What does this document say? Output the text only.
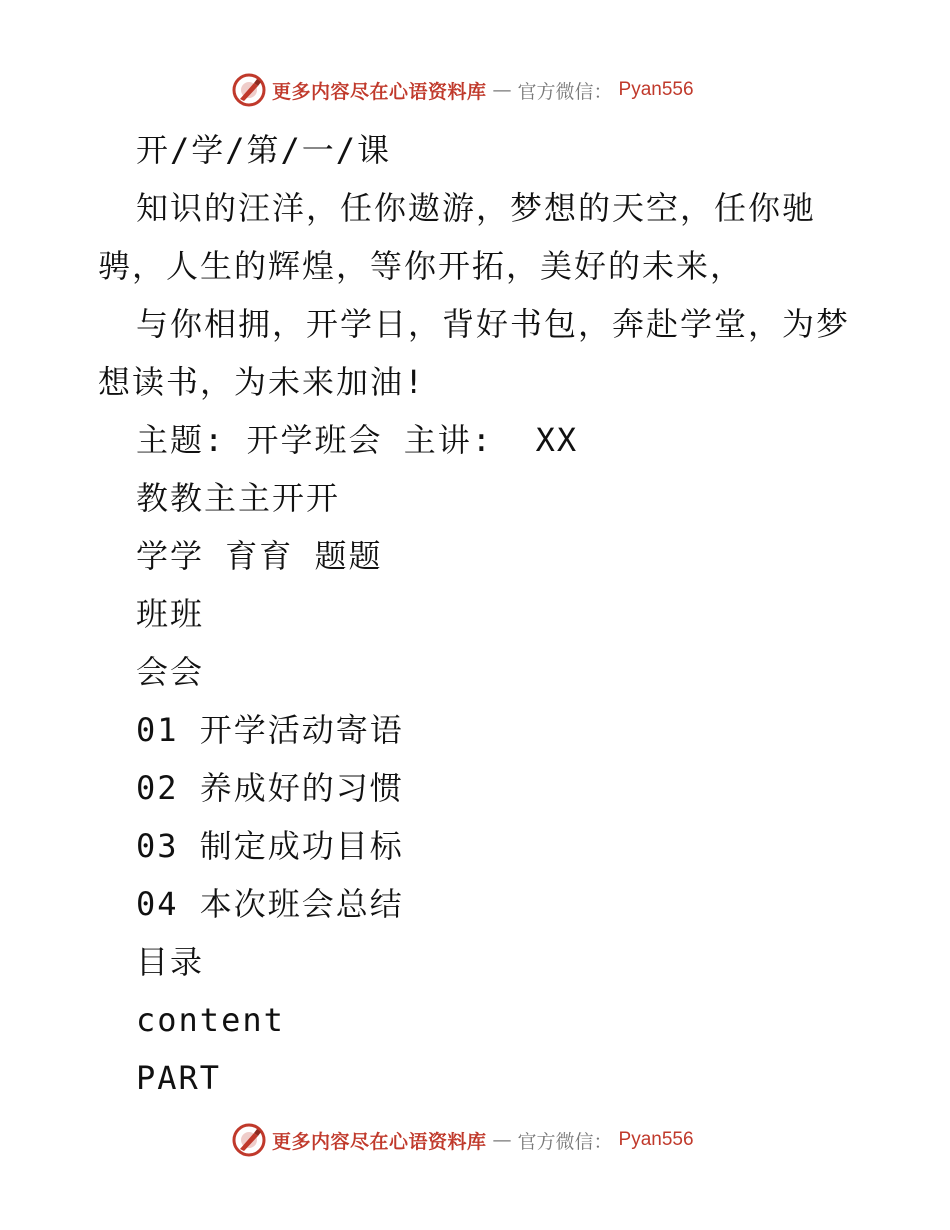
更多内容尽在心语资料库 — 官方微信： Pyan556
开/学/第/一/课
知识的汪洋，任你遨游，梦想的天空，任你驰骋，人生的辉煌，等你开拓，美好的未来，
与你相拥，开学日，背好书包，奔赴学堂，为梦想读书，为未来加油!
主题: 开学班会 主讲:  XX
教教主主开开
学学 育育 题题
班班
会会
01 开学活动寄语
02 养成好的习惯
03 制定成功目标
04 本次班会总结
目录
content
PART
更多内容尽在心语资料库 — 官方微信： Pyan556
